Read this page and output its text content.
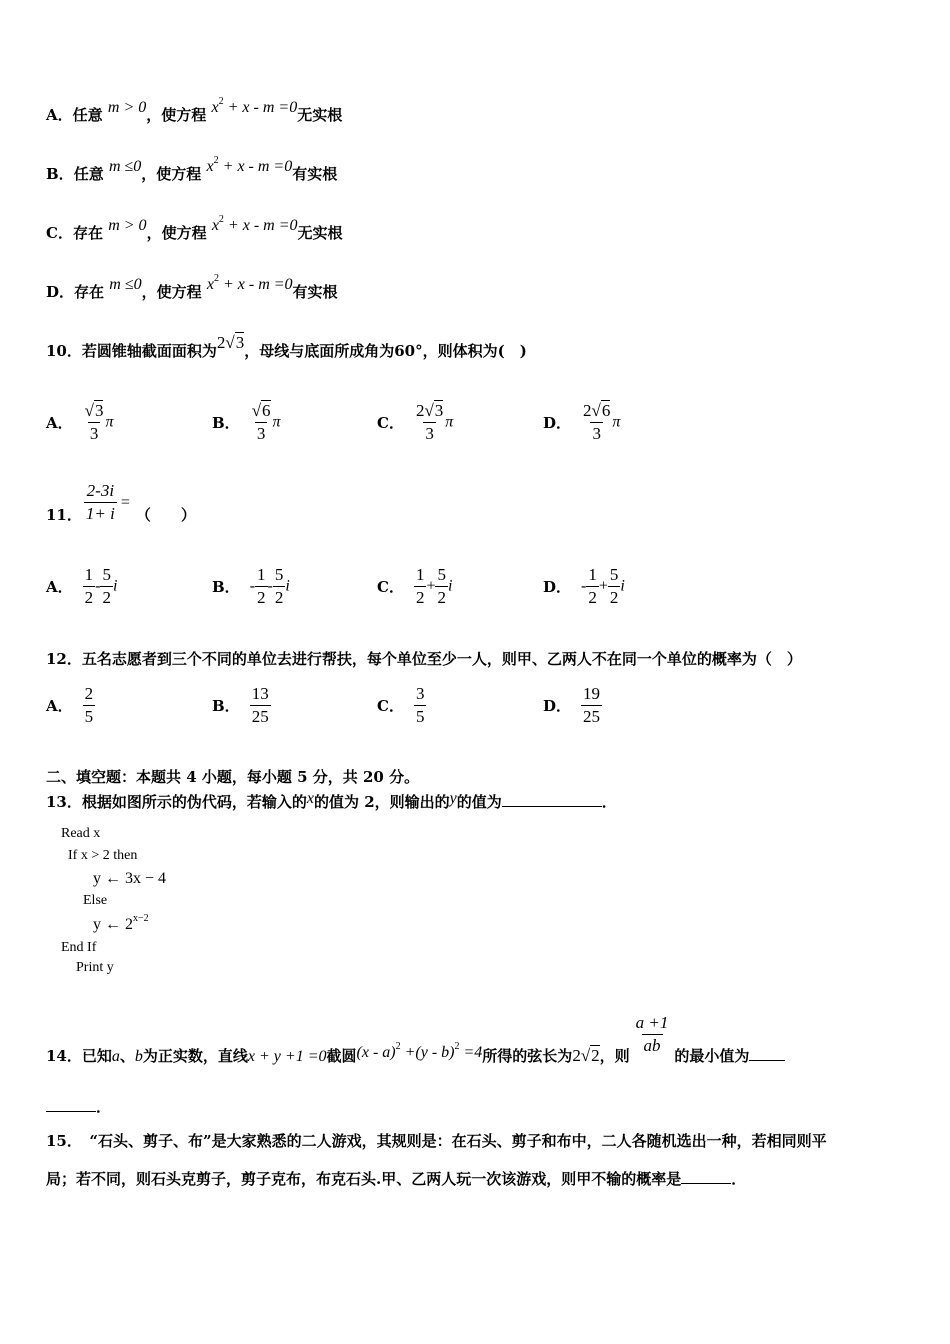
A．任意 m > 0，使方程 $x^2 + x - m =0$无实根
B．任意 m ≤0，使方程 $x^2 + x - m =0$有实根
C．存在 m > 0，使方程 $x^2 + x - m =0$无实根
D．存在 m ≤0，使方程 $x^2 + x - m =0$有实根
10．若圆锥轴截面面积为2√3，母线与底面所成角为60°，则体积为(　)
A． $\frac{√3}{3}$ π	B． $\frac{√6}{3}$ π	C． $\frac{2√3}{3}$ π	D． $\frac{2√6}{3}$ π
11． $\frac{2-3i}{1+ i}$ =（　　）
A． $\frac{1}{2} - \frac{5}{2}$ i	B． - $\frac{1}{2} - \frac{5}{2}$ i	C． $\frac{1}{2} + \frac{5}{2}$ i	D． - $\frac{1}{2} + \frac{5}{2}$ i
12．五名志愿者到三个不同的单位去进行帮扶，每个单位至少一人，则甲、乙两人不在同一个单位的概率为（　）
A． $\frac{2}{5}$	B． $\frac{13}{25}$	C． $\frac{3}{5}$	D． $\frac{19}{25}$
二、填空题：本题共 4 小题，每小题 5 分，共 20 分。
13．根据如图所示的伪代码，若输入的x的值为 2，则输出的y的值为	．
Read x
If x > 2 then
y ← 3x − 4
Else
y ← $2^{x-2}$
End If
Print y
14．已知a、b为正实数，直线x + y +1 =0截圆(x - a)$^2$ +(y - b)$^2$ =4所得的弦长为2√2，则 $\frac{a +1}{ab}$ 的最小值为
．
15．　“石头、剪子、布”是大家熟悉的二人游戏，其规则是：在石头、剪子和布中，二人各随机选出一种，若相同则平
局；若不同，则石头克剪子，剪子克布，布克石头.甲、乙两人玩一次该游戏，则甲不输的概率是	．
